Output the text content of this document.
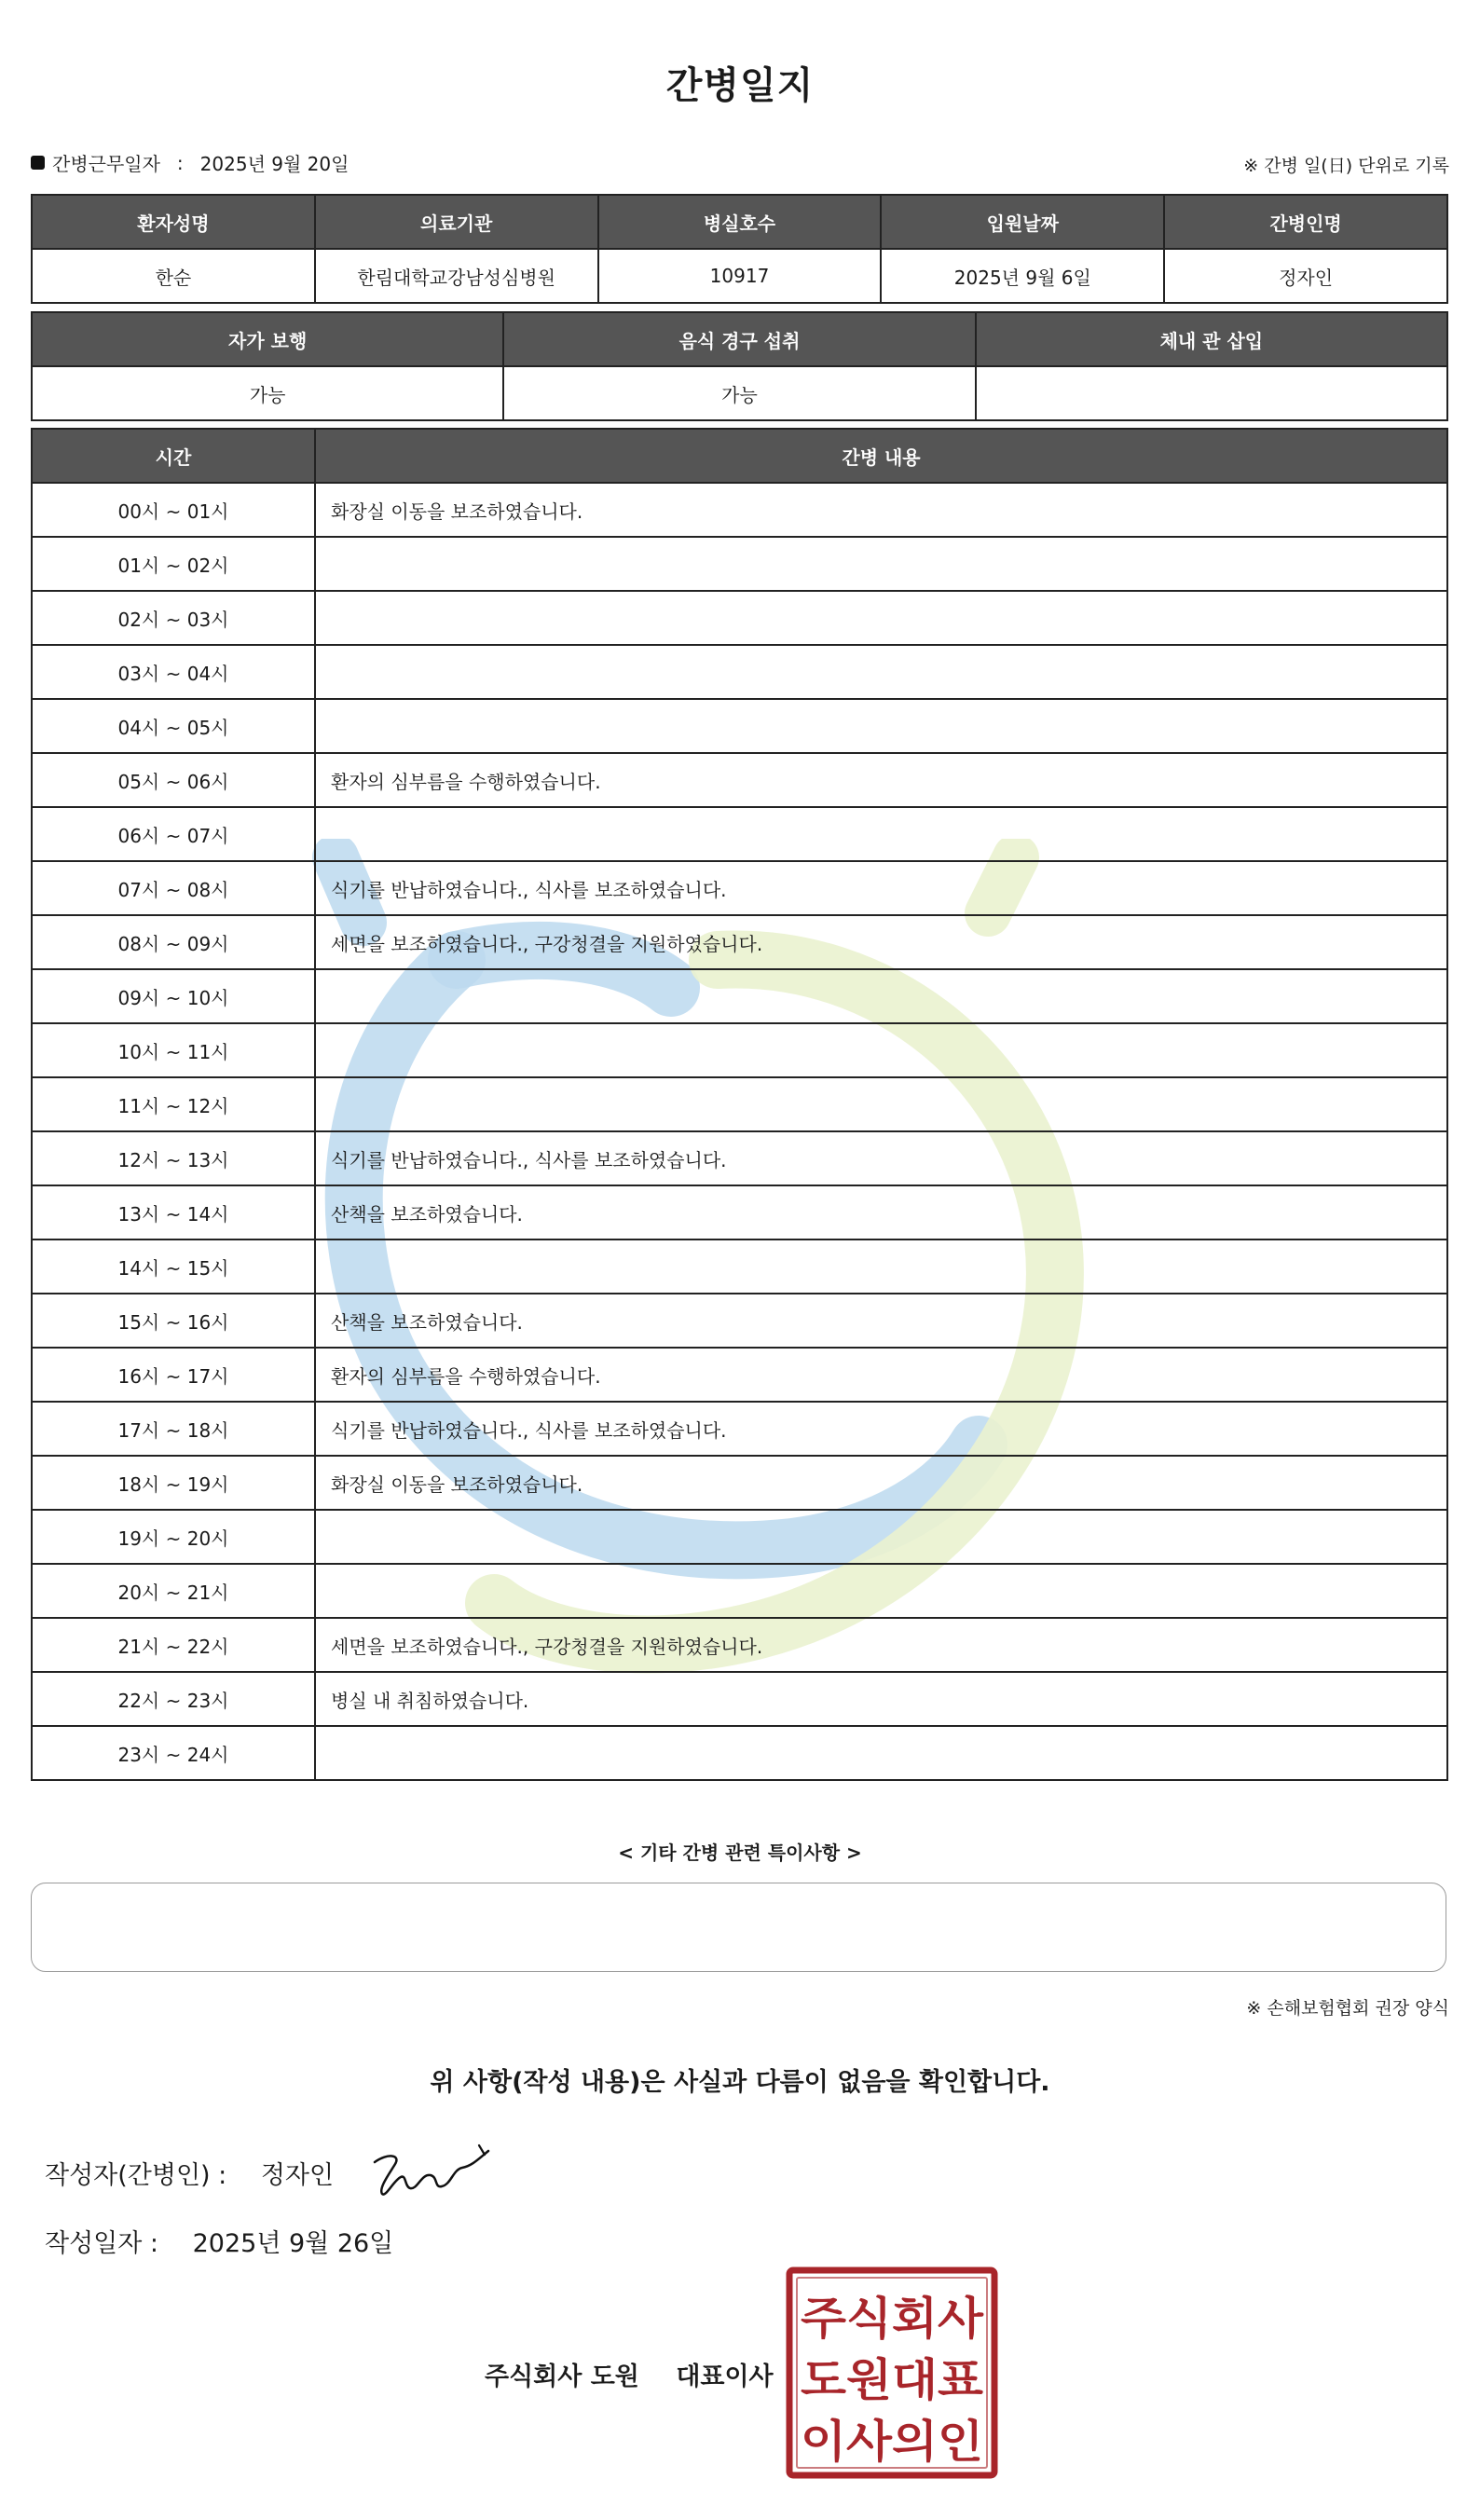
간병일지
간병근무일자 : 2025년 9월 20일	※ 간병 일(日) 단위로 기록
환자성명	의료기관	병실호수	입원날짜	간병인명
한순	한림대학교강남성심병원	10917	2025년 9월 6일	정자인
자가 보행	음식 경구 섭취	체내 관 삽입
가능	가능	
시간	간병 내용
00시 ~ 01시	화장실 이동을 보조하였습니다.
01시 ~ 02시	
02시 ~ 03시	
03시 ~ 04시	
04시 ~ 05시	
05시 ~ 06시	환자의 심부름을 수행하였습니다.
06시 ~ 07시	
07시 ~ 08시	식기를 반납하였습니다., 식사를 보조하였습니다.
08시 ~ 09시	세면을 보조하였습니다., 구강청결을 지원하였습니다.
09시 ~ 10시	
10시 ~ 11시	
11시 ~ 12시	
12시 ~ 13시	식기를 반납하였습니다., 식사를 보조하였습니다.
13시 ~ 14시	산책을 보조하였습니다.
14시 ~ 15시	
15시 ~ 16시	산책을 보조하였습니다.
16시 ~ 17시	환자의 심부름을 수행하였습니다.
17시 ~ 18시	식기를 반납하였습니다., 식사를 보조하였습니다.
18시 ~ 19시	화장실 이동을 보조하였습니다.
19시 ~ 20시	
20시 ~ 21시	
21시 ~ 22시	세면을 보조하였습니다., 구강청결을 지원하였습니다.
22시 ~ 23시	병실 내 취침하였습니다.
23시 ~ 24시	
< 기타 간병 관련 특이사항 >
※ 손해보험협회 권장 양식
위 사항(작성 내용)은 사실과 다름이 없음을 확인합니다.
작성자(간병인) : 정자인
작성일자 : 2025년 9월 26일
주식회사 도원 대표이사
주식회사
도원대표
이사의인
